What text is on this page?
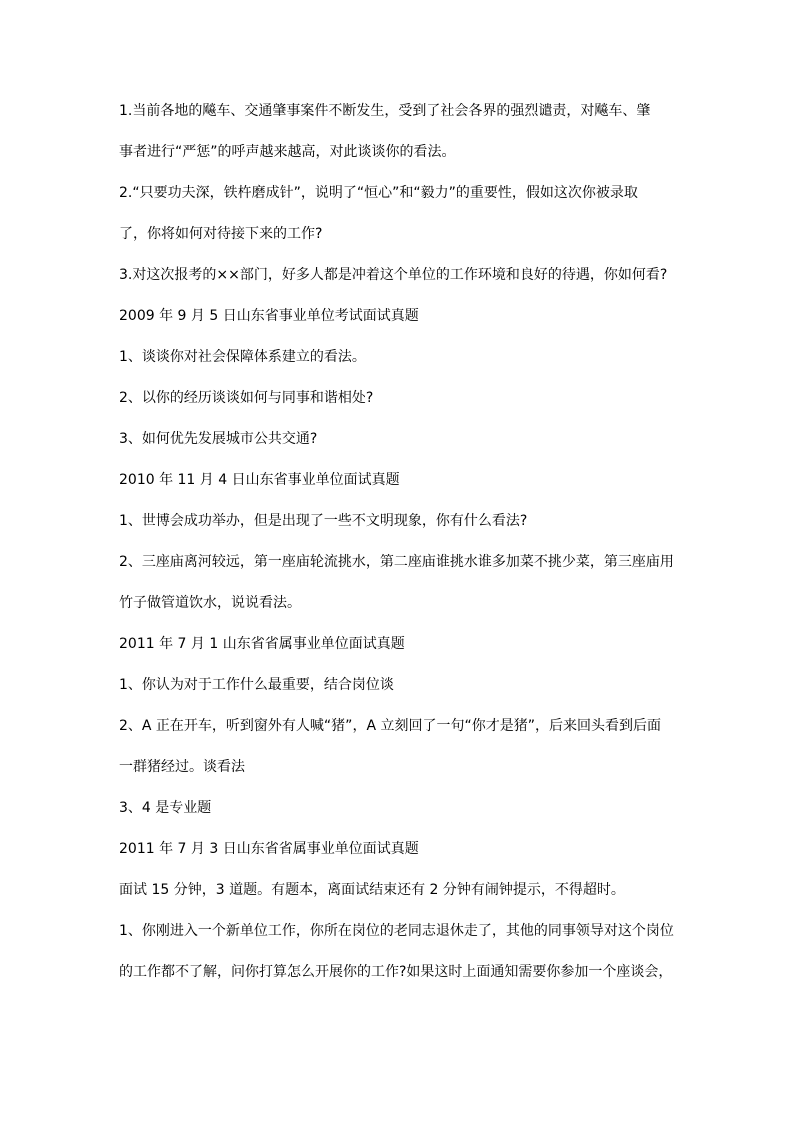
1.当前各地的飚车、交通肇事案件不断发生，受到了社会各界的强烈谴责，对飚车、肇
事者进行“严惩”的呼声越来越高，对此谈谈你的看法。
2.“只要功夫深，铁杵磨成针”，说明了“恒心”和“毅力”的重要性，假如这次你被录取
了，你将如何对待接下来的工作?
3.对这次报考的××部门，好多人都是冲着这个单位的工作环境和良好的待遇，你如何看?
2009 年 9 月 5 日山东省事业单位考试面试真题
1、谈谈你对社会保障体系建立的看法。
2、以你的经历谈谈如何与同事和谐相处?
3、如何优先发展城市公共交通?
2010 年 11 月 4 日山东省事业单位面试真题
1、世博会成功举办，但是出现了一些不文明现象，你有什么看法?
2、三座庙离河较远，第一座庙轮流挑水，第二座庙谁挑水谁多加菜不挑少菜，第三座庙用
竹子做管道饮水，说说看法。
2011 年 7 月 1 山东省省属事业单位面试真题
1、你认为对于工作什么最重要，结合岗位谈
2、A 正在开车，听到窗外有人喊“猪”，A 立刻回了一句“你才是猪”，后来回头看到后面
一群猪经过。谈看法
3、4 是专业题
2011 年 7 月 3 日山东省省属事业单位面试真题
面试 15 分钟，3 道题。有题本，离面试结束还有 2 分钟有闹钟提示，不得超时。
1、你刚进入一个新单位工作，你所在岗位的老同志退休走了，其他的同事领导对这个岗位
的工作都不了解，问你打算怎么开展你的工作?如果这时上面通知需要你参加一个座谈会，
